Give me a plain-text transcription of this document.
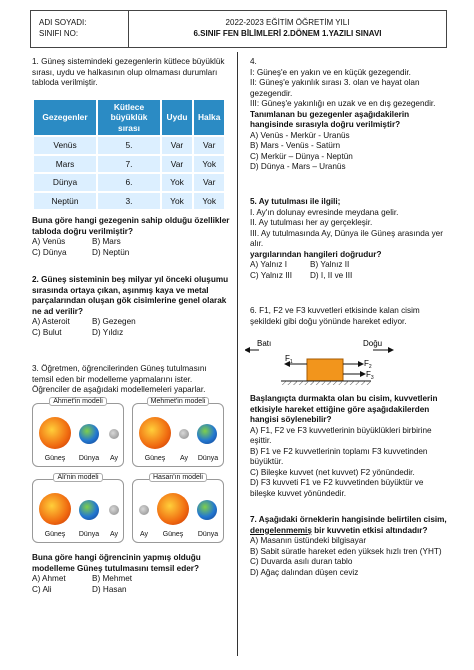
ADI SOYADI:
SINIFI NO:
2022-2023 EĞİTİM ÖĞRETİM YILI
6.SINIF FEN BİLİMLERİ 2.DÖNEM 1.YAZILI SINAVI
1. Güneş sistemindeki gezegenlerin kütlece büyüklük sırası, uydu ve halkasının olup olmaması durumları tabloda verilmiştir.
Gezegenler	Kütlece büyüklük sırası	Uydu	Halka
Venüs	5.	Var	Var
Mars	7.	Var	Yok
Dünya	6.	Yok	Var
Neptün	3.	Yok	Yok
Buna göre hangi gezegenin sahip olduğu özellikler tabloda doğru verilmiştir?
A) Venüs	B) Mars
C) Dünya	D) Neptün
2. Güneş sisteminin beş milyar yıl önceki oluşumu sırasında ortaya çıkan, aşınmış kaya ve metal parçalarından oluşan gök cisimlerine genel olarak ne ad verilir?
A) Asteroit	B) Gezegen
C) Bulut	D) Yıldız
3. Öğretmen, öğrencilerinden Güneş tutulmasını temsil eden bir modelleme yapmalarını ister. Öğrenciler de aşağıdaki modellemeleri yaparlar.
Ahmet'in modeli
Güneş	Dünya	Ay
Mehmet'in modeli
Güneş	Ay	Dünya
Ali'nin modeli
Güneş	Dünya	Ay
Hasan'ın modeli
Ay	Güneş	Dünya
Buna göre hangi öğrencinin yapmış olduğu modelleme Güneş tutulmasını temsil eder?
A) Ahmet	B) Mehmet
C) Ali	D) Hasan
4.
I: Güneş'e en yakın ve en küçük gezegendir.
II: Güneş'e yakınlık sırası 3. olan ve hayat olan gezegendir.
III: Güneş'e yakınlığı en uzak ve en dış gezegendir.
Tanımlanan bu gezegenler aşağıdakilerin hangisinde sırasıyla doğru verilmiştir?
A) Venüs - Merkür - Uranüs
B) Mars - Venüs - Satürn
C) Merkür – Dünya - Neptün
D) Dünya - Mars – Uranüs
5. Ay tutulması ile ilgili;
I. Ay'ın dolunay evresinde meydana gelir.
II. Ay tutulması her ay gerçekleşir.
III. Ay tutulmasında Ay, Dünya ile Güneş arasında yer alır.
yargılarından hangileri doğrudur?
A) Yalnız I	B) Yalnız II
C) Yalnız III	D) I, II ve III
6. F1, F2 ve F3 kuvvetleri etkisinde kalan cisim şekildeki gibi doğu yönünde hareket ediyor.
Batı	Doğu
$F_1$	$F_2$
$F_3$
Başlangıçta durmakta olan bu cisim, kuvvetlerin etkisiyle hareket ettiğine göre aşağıdakilerden hangisi söylenebilir?
A) F1, F2 ve F3 kuvvetlerinin büyüklükleri birbirine eşittir.
B) F1 ve F2 kuvvetlerinin toplamı F3 kuvvetinden büyüktür.
C) Bileşke kuvvet (net kuvvet) F2 yönündedir.
D) F3 kuvveti F1 ve F2 kuvvetinden büyüktür ve bileşke kuvvet yönündedir.
7. Aşağıdaki örneklerin hangisinde belirtilen cisim, dengelenmemiş bir kuvvetin etkisi altındadır?
A) Masanın üstündeki bilgisayar
B) Sabit süratle hareket eden yüksek hızlı tren (YHT)
C) Duvarda asılı duran tablo
D) Ağaç dalından düşen ceviz
